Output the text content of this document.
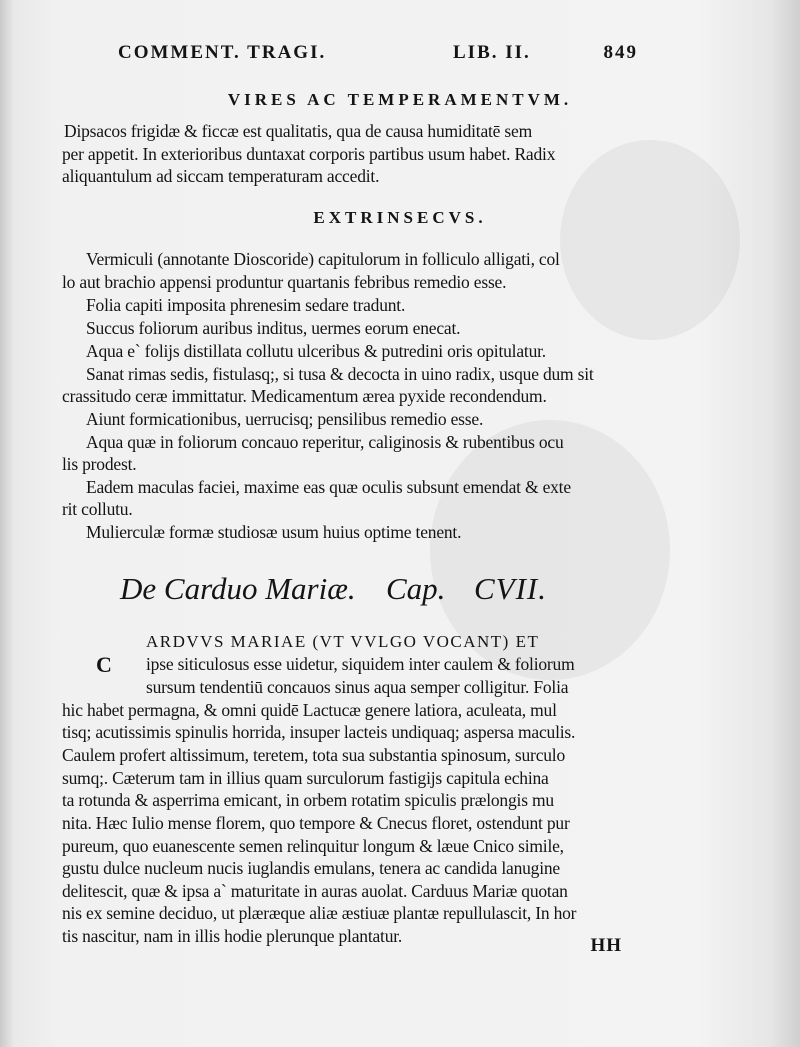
COMMENT. TRAGI.	LIB. II.	849
VIRES AC TEMPERAMENTVM.
Dipsacos frigidæ & ficcæ est qualitatis, qua de causa humiditatē sem
per appetit. In exterioribus duntaxat corporis partibus usum habet. Radix
aliquantulum ad siccam temperaturam accedit.
EXTRINSECVS.
Vermiculi (annotante Dioscoride) capitulorum in folliculo alligati, col
lo aut brachio appensi produntur quartanis febribus remedio esse.
Folia capiti imposita phrenesim sedare tradunt.
Succus foliorum auribus inditus, uermes eorum enecat.
Aqua e` folijs distillata collutu ulceribus & putredini oris opitulatur.
Sanat rimas sedis, fistulasq;, si tusa & decocta in uino radix, usque dum sit
crassitudo ceræ immittatur. Medicamentum ærea pyxide recondendum.
Aiunt formicationibus, uerrucisq; pensilibus remedio esse.
Aqua quæ in foliorum concauo reperitur, caliginosis & rubentibus ocu
lis prodest.
Eadem maculas faciei, maxime eas quæ oculis subsunt emendat & exte
rit collutu.
Mulierculæ formæ studiosæ usum huius optime tenent.
De Carduo Mariæ. Cap. CVII.
C
ARDVVS MARIAE (VT VVLGO VOCANT) ET
ipse siticulosus esse uidetur, siquidem inter caulem & foliorum
sursum tendentiū concauos sinus aqua semper colligitur. Folia
hic habet permagna, & omni quidē Lactucæ genere latiora, aculeata, mul
tisq; acutissimis spinulis horrida, insuper lacteis undiquaq; aspersa maculis.
Caulem profert altissimum, teretem, tota sua substantia spinosum, surculo
sumq;. Cæterum tam in illius quam surculorum fastigijs capitula echina
ta rotunda & asperrima emicant, in orbem rotatim spiculis prælongis mu
nita. Hæc Iulio mense florem, quo tempore & Cnecus floret, ostendunt pur
pureum, quo euanescente semen relinquitur longum & læue Cnico simile,
gustu dulce nucleum nucis iuglandis emulans, tenera ac candida lanugine
delitescit, quæ & ipsa a` maturitate in auras auolat. Carduus Mariæ quotan
nis ex semine deciduo, ut plæræque aliæ æstiuæ plantæ repullulascit, In hor
tis nascitur, nam in illis hodie plerunque plantatur.	HH
